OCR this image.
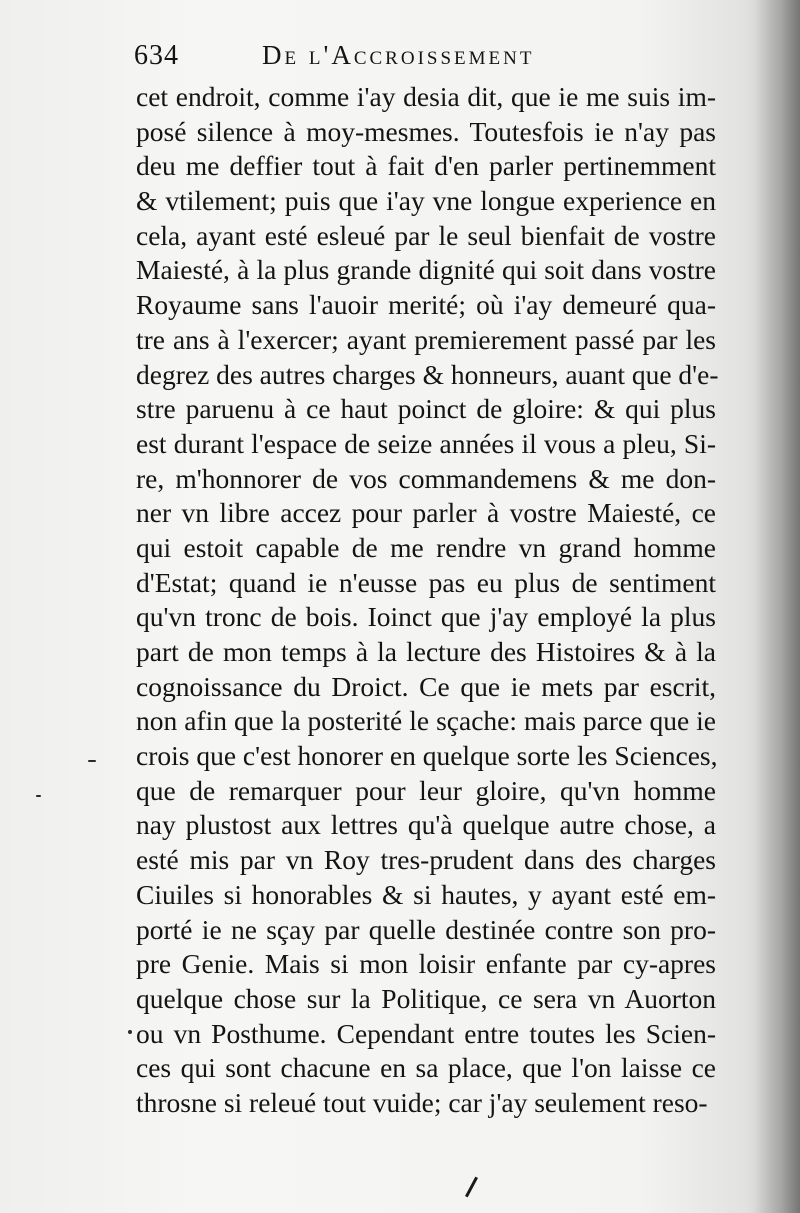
634	De l'Accroissement
cet endroit, comme i'ay desia dit, que ie me suis im-
posé silence à moy-mesmes. Toutesfois ie n'ay pas
deu me deffier tout à fait d'en parler pertinemment
& vtilement; puis que i'ay vne longue experience en
cela, ayant esté esleué par le seul bienfait de vostre
Maiesté, à la plus grande dignité qui soit dans vostre
Royaume sans l'auoir merité; où i'ay demeuré qua-
tre ans à l'exercer; ayant premierement passé par les
degrez des autres charges & honneurs, auant que d'e-
stre paruenu à ce haut poinct de gloire: & qui plus
est durant l'espace de seize années il vous a pleu, Si-
re, m'honnorer de vos commandemens & me don-
ner vn libre accez pour parler à vostre Maiesté, ce
qui estoit capable de me rendre vn grand homme
d'Estat; quand ie n'eusse pas eu plus de sentiment
qu'vn tronc de bois. Ioinct que j'ay employé la plus
part de mon temps à la lecture des Histoires & à la
cognoissance du Droict. Ce que ie mets par escrit,
non afin que la posterité le sçache: mais parce que ie
crois que c'est honorer en quelque sorte les Sciences,
que de remarquer pour leur gloire, qu'vn homme
nay plustost aux lettres qu'à quelque autre chose, a
esté mis par vn Roy tres-prudent dans des charges
Ciuiles si honorables & si hautes, y ayant esté em-
porté ie ne sçay par quelle destinée contre son pro-
pre Genie. Mais si mon loisir enfante par cy-apres
quelque chose sur la Politique, ce sera vn Auorton
ou vn Posthume. Cependant entre toutes les Scien-
ces qui sont chacune en sa place, que l'on laisse ce
throsne si releué tout vuide; car j'ay seulement reso-
